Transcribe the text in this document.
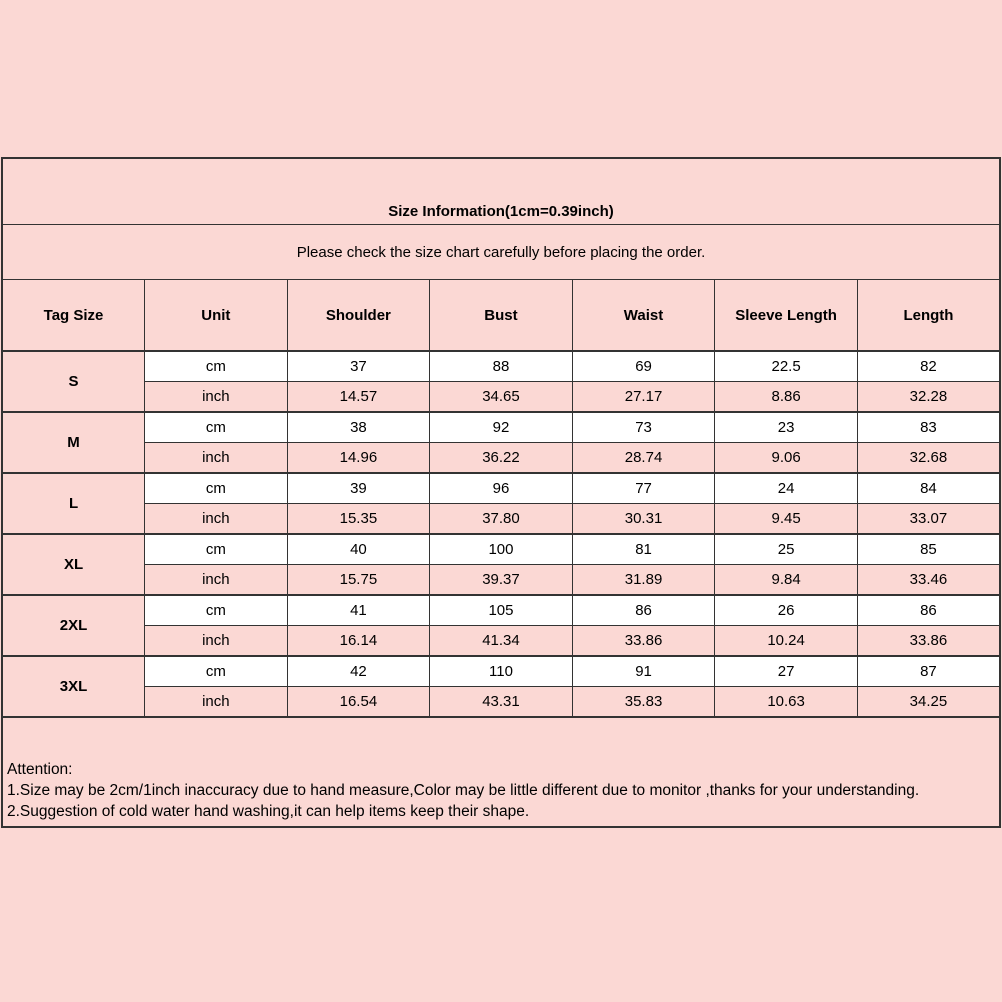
Size Information(1cm=0.39inch)						
Please check the size chart carefully before placing the order.						
Tag Size	Unit	Shoulder	Bust	Waist	Sleeve Length	Length
S	cm	37	88	69	22.5	82
	inch	14.57	34.65	27.17	8.86	32.28
M	cm	38	92	73	23	83
	inch	14.96	36.22	28.74	9.06	32.68
L	cm	39	96	77	24	84
	inch	15.35	37.80	30.31	9.45	33.07
XL	cm	40	100	81	25	85
	inch	15.75	39.37	31.89	9.84	33.46
2XL	cm	41	105	86	26	86
	inch	16.14	41.34	33.86	10.24	33.86
3XL	cm	42	110	91	27	87
	inch	16.54	43.31	35.83	10.63	34.25

Attention:
1.Size may be 2cm/1inch inaccuracy due to hand measure,Color may be little different due to monitor ,thanks for your understanding.
2.Suggestion of cold water hand washing,it can help items keep their shape.						
